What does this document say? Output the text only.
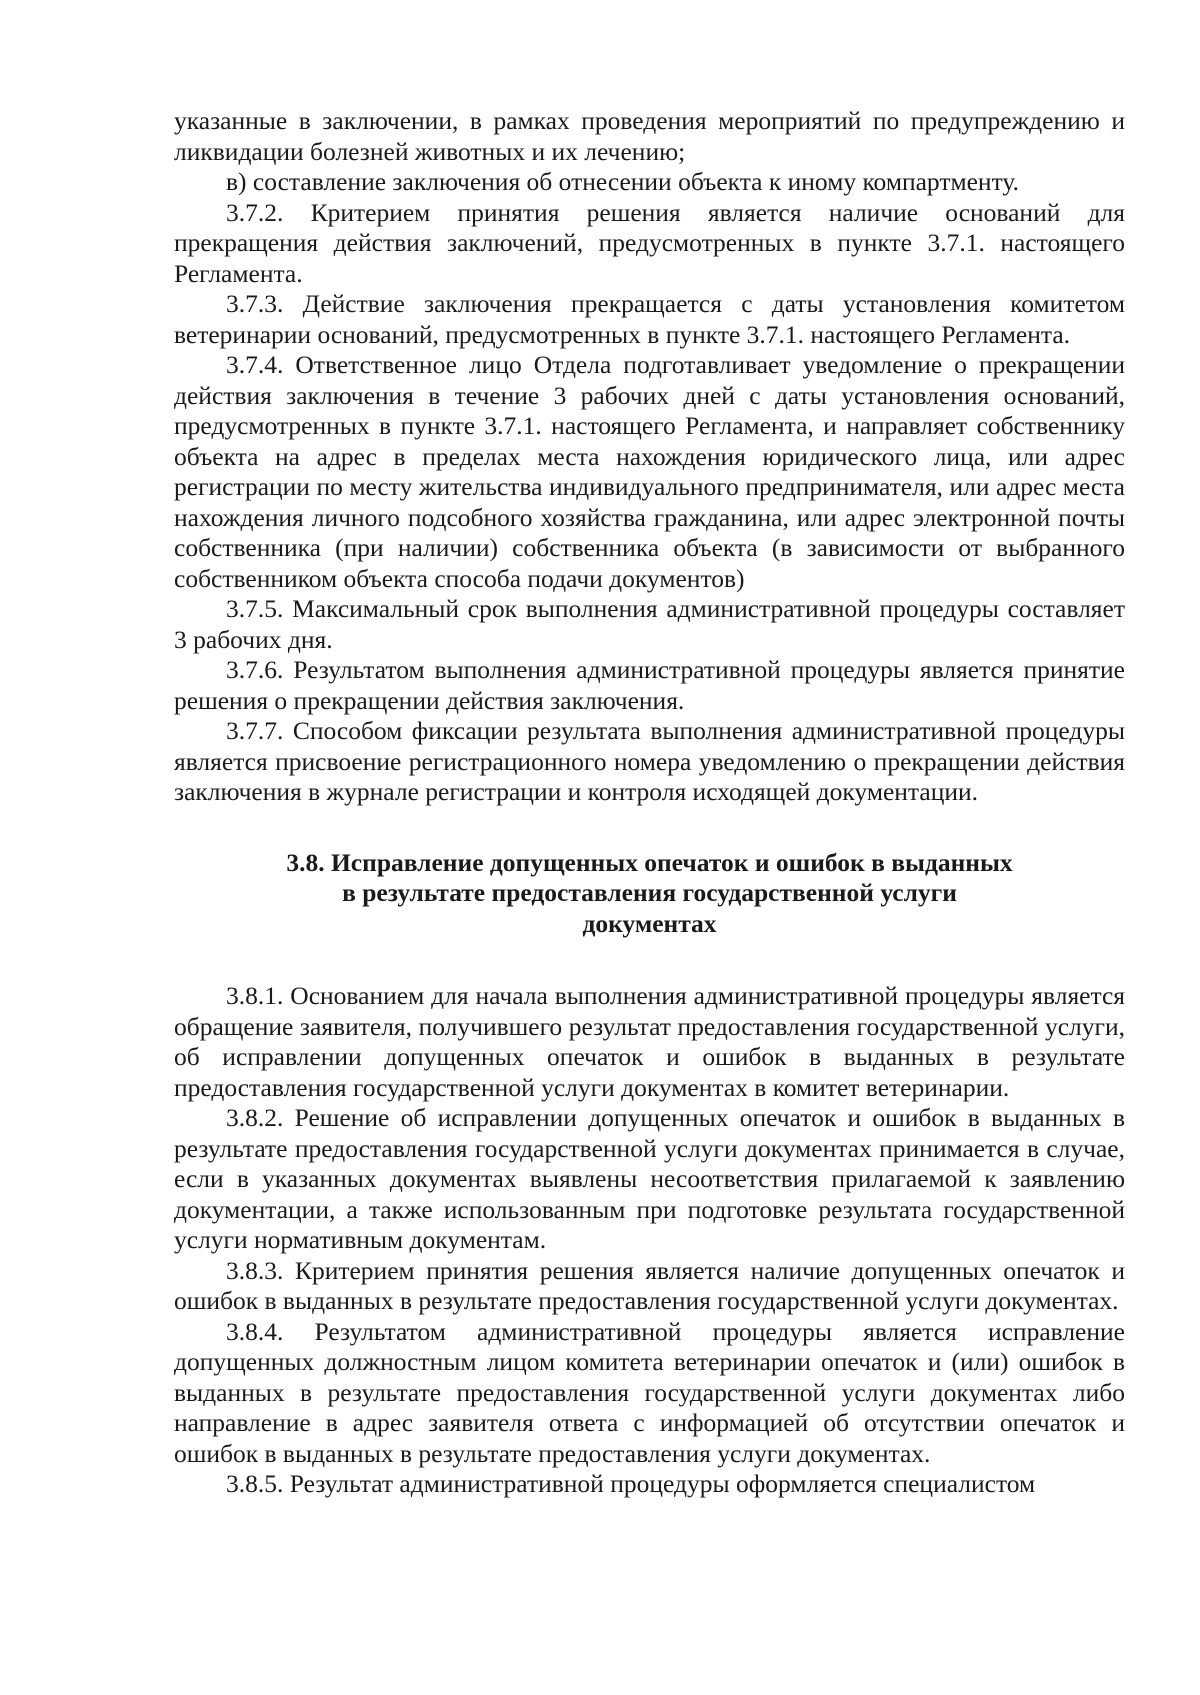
указанные в заключении, в рамках проведения мероприятий по предупреждению и ликвидации болезней животных и их лечению;

в) составление заключения об отнесении объекта к иному компартменту.

3.7.2. Критерием принятия решения является наличие оснований для прекращения действия заключений, предусмотренных в пункте 3.7.1. настоящего Регламента.

3.7.3. Действие заключения прекращается с даты установления комитетом ветеринарии оснований, предусмотренных в пункте 3.7.1. настоящего Регламента.

3.7.4. Ответственное лицо Отдела подготавливает уведомление о прекращении действия заключения в течение 3 рабочих дней с даты установления оснований, предусмотренных в пункте 3.7.1. настоящего Регламента, и направляет собственнику объекта на адрес в пределах места нахождения юридического лица, или адрес регистрации по месту жительства индивидуального предпринимателя, или адрес места нахождения личного подсобного хозяйства гражданина, или адрес электронной почты собственника (при наличии) собственника объекта (в зависимости от выбранного собственником объекта способа подачи документов)

3.7.5. Максимальный срок выполнения административной процедуры составляет 3 рабочих дня.

3.7.6. Результатом выполнения административной процедуры является принятие решения о прекращении действия заключения.

3.7.7. Способом фиксации результата выполнения административной процедуры является присвоение регистрационного номера уведомлению о прекращении действия заключения в журнале регистрации и контроля исходящей документации.

3.8. Исправление допущенных опечаток и ошибок в выданных
в результате предоставления государственной услуги
документах

3.8.1. Основанием для начала выполнения административной процедуры является обращение заявителя, получившего результат предоставления государственной услуги, об исправлении допущенных опечаток и ошибок в выданных в результате предоставления государственной услуги документах в комитет ветеринарии.

3.8.2. Решение об исправлении допущенных опечаток и ошибок в выданных в результате предоставления государственной услуги документах принимается в случае, если в указанных документах выявлены несоответствия прилагаемой к заявлению документации, а также использованным при подготовке результата государственной услуги нормативным документам.

3.8.3. Критерием принятия решения является наличие допущенных опечаток и ошибок в выданных в результате предоставления государственной услуги документах.

3.8.4. Результатом административной процедуры является исправление допущенных должностным лицом комитета ветеринарии опечаток и (или) ошибок в выданных в результате предоставления государственной услуги документах либо направление в адрес заявителя ответа с информацией об отсутствии опечаток и ошибок в выданных в результате предоставления услуги документах.

3.8.5. Результат административной процедуры оформляется специалистом
